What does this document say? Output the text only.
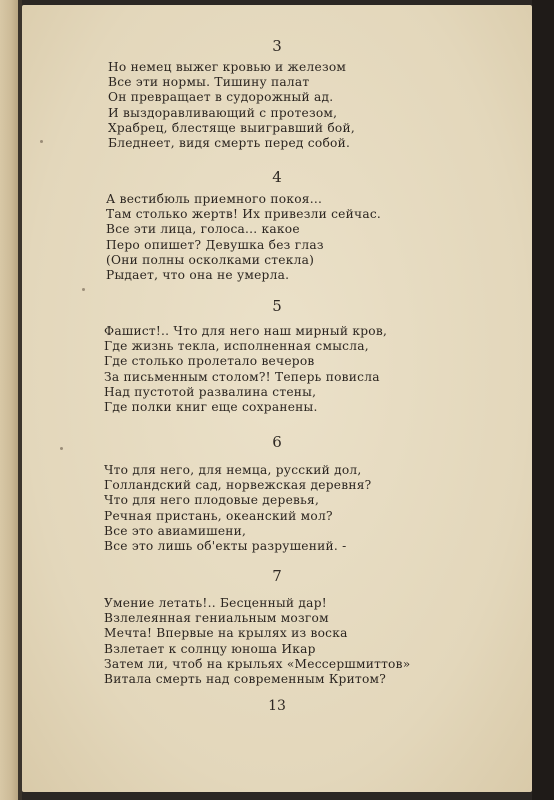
3
Но немец выжег кровью и железом
Все эти нормы. Тишину палат
Он превращает в судорожный ад.
И выздоравливающий с протезом,
Храбрец, блестяще выигравший бой,
Бледнеет, видя смерть перед собой.
4
А вестибюль приемного покоя...
Там столько жертв! Их привезли сейчас.
Все эти лица, голоса... какое
Перо опишет? Девушка без глаз
(Они полны осколками стекла)
Рыдает, что она не умерла.
5
Фашист!.. Что для него наш мирный кров,
Где жизнь текла, исполненная смысла,
Где столько пролетало вечеров
За письменным столом?! Теперь повисла
Над пустотой развалина стены,
Где полки книг еще сохранены.
6
Что для него, для немца, русский дол,
Голландский сад, норвежская деревня?
Что для него плодовые деревья,
Речная пристань, океанский мол?
Все это авиамишени,
Все это лишь об'екты разрушений. -
7
Умение летать!.. Бесценный дар!
Взлелеянная гениальным мозгом
Мечта! Впервые на крылях из воска
Взлетает к солнцу юноша Икар
Затем ли, чтоб на крыльях «Мессершмиттов»
Витала смерть над современным Критом?
13
